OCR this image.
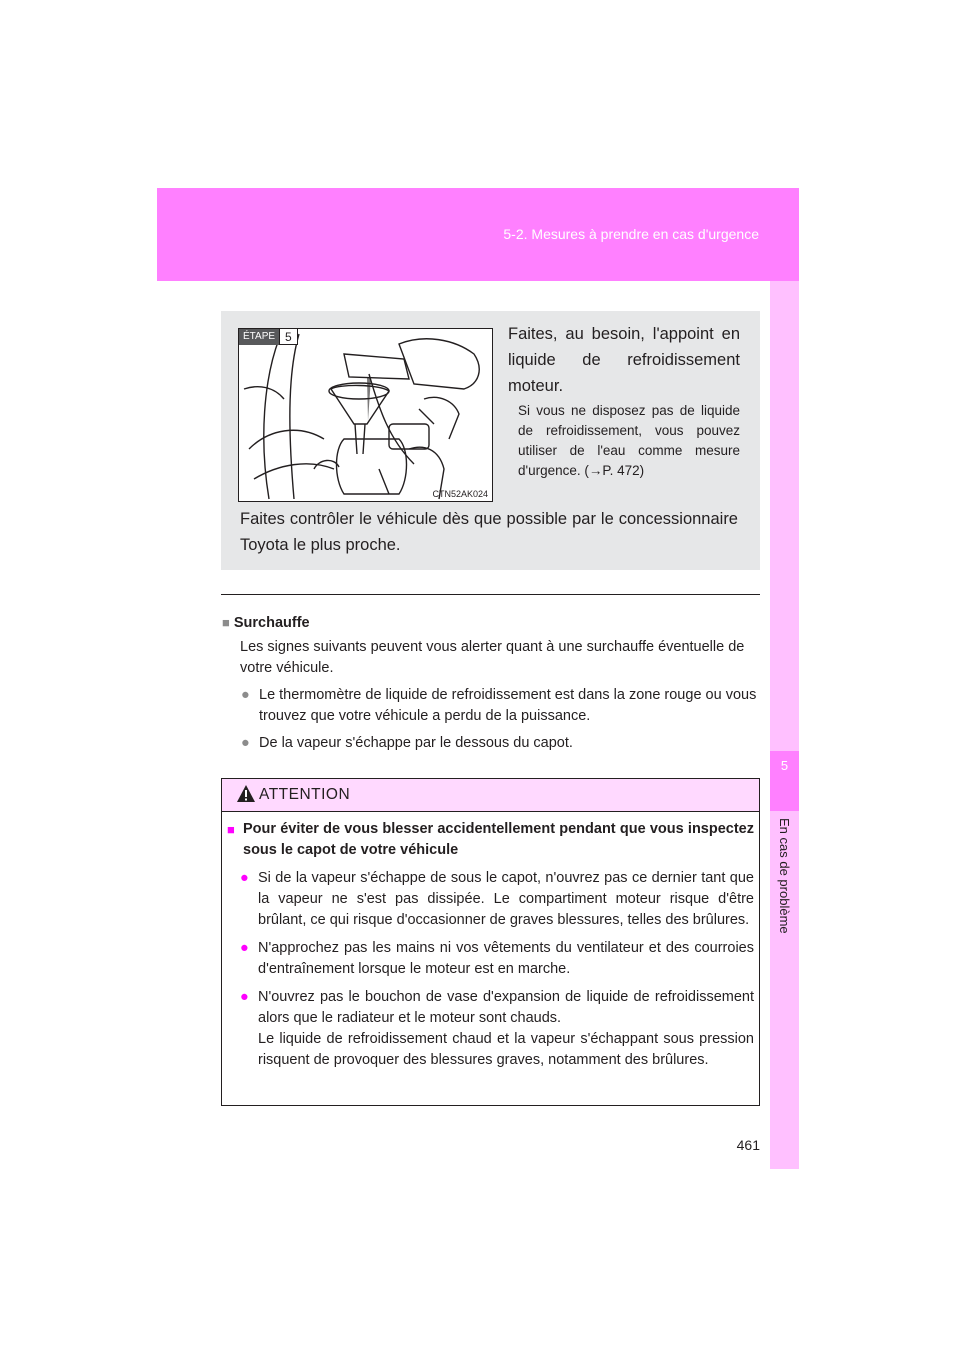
5-2. Mesures à prendre en cas d'urgence
5
En cas de problème
ÉTAPE 5
CTN52AK024
Faites, au besoin, l'appoint en liquide de refroidissement moteur.
Si vous ne disposez pas de liquide de refroidissement, vous pouvez utiliser de l'eau comme mesure d'urgence. (→P. 472)
Faites contrôler le véhicule dès que possible par le concessionnaire Toyota le plus proche.
■ Surchauffe
Les signes suivants peuvent vous alerter quant à une surchauffe éventuelle de votre véhicule.
● Le thermomètre de liquide de refroidissement est dans la zone rouge ou vous trouvez que votre véhicule a perdu de la puissance.
● De la vapeur s'échappe par le dessous du capot.
ATTENTION
■ Pour éviter de vous blesser accidentellement pendant que vous inspectez sous le capot de votre véhicule
● Si de la vapeur s'échappe de sous le capot, n'ouvrez pas ce dernier tant que la vapeur ne s'est pas dissipée. Le compartiment moteur risque d'être brûlant, ce qui risque d'occasionner de graves blessures, telles des brûlures.
● N'approchez pas les mains ni vos vêtements du ventilateur et des courroies d'entraînement lorsque le moteur est en marche.
● N'ouvrez pas le bouchon de vase d'expansion de liquide de refroidissement alors que le radiateur et le moteur sont chauds.
Le liquide de refroidissement chaud et la vapeur s'échappant sous pression risquent de provoquer des blessures graves, notamment des brûlures.
461
